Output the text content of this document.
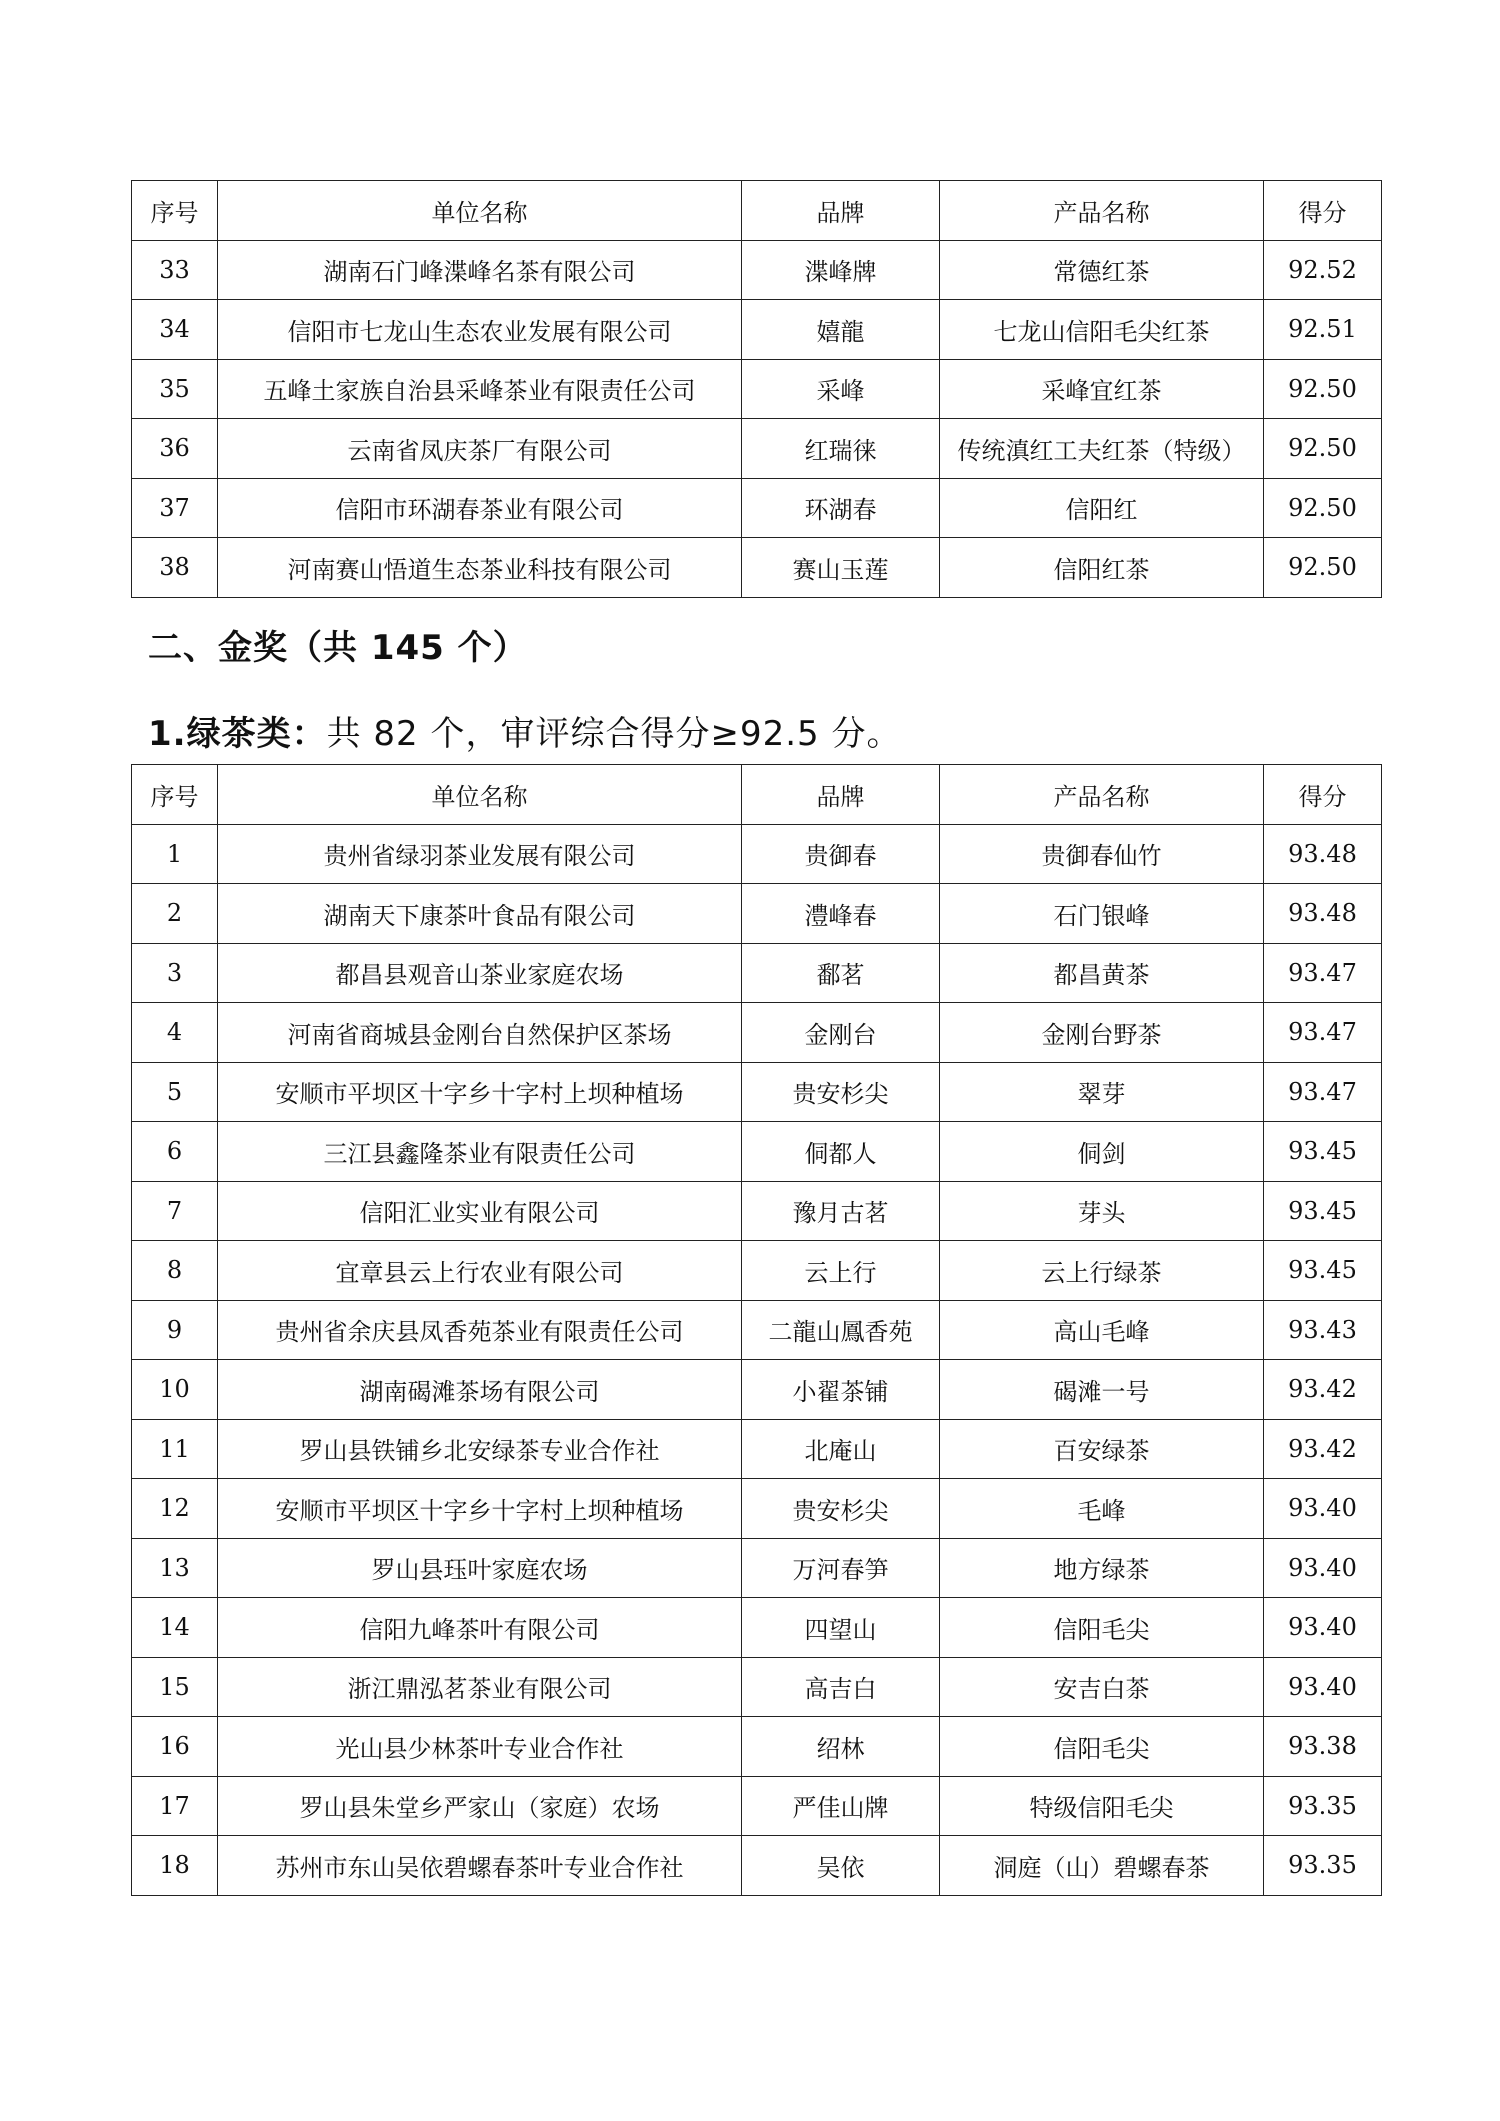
序号	单位名称	品牌	产品名称	得分
33	湖南石门峰渫峰名茶有限公司	渫峰牌	常德红茶	92.52
34	信阳市七龙山生态农业发展有限公司	嬉龍	七龙山信阳毛尖红茶	92.51
35	五峰土家族自治县采峰茶业有限责任公司	采峰	采峰宜红茶	92.50
36	云南省凤庆茶厂有限公司	红瑞徕	传统滇红工夫红茶（特级）	92.50
37	信阳市环湖春茶业有限公司	环湖春	信阳红	92.50
38	河南赛山悟道生态茶业科技有限公司	赛山玉莲	信阳红茶	92.50
二、金奖（共 145 个）
1.绿茶类：共 82 个，审评综合得分≥92.5 分。
序号	单位名称	品牌	产品名称	得分
1	贵州省绿羽茶业发展有限公司	贵御春	贵御春仙竹	93.48
2	湖南天下康茶叶食品有限公司	澧峰春	石门银峰	93.48
3	都昌县观音山茶业家庭农场	鄱茗	都昌黄茶	93.47
4	河南省商城县金刚台自然保护区茶场	金刚台	金刚台野茶	93.47
5	安顺市平坝区十字乡十字村上坝种植场	贵安杉尖	翠芽	93.47
6	三江县鑫隆茶业有限责任公司	侗都人	侗剑	93.45
7	信阳汇业实业有限公司	豫月古茗	芽头	93.45
8	宜章县云上行农业有限公司	云上行	云上行绿茶	93.45
9	贵州省余庆县凤香苑茶业有限责任公司	二龍山鳳香苑	高山毛峰	93.43
10	湖南碣滩茶场有限公司	小翟茶铺	碣滩一号	93.42
11	罗山县铁铺乡北安绿茶专业合作社	北庵山	百安绿茶	93.42
12	安顺市平坝区十字乡十字村上坝种植场	贵安杉尖	毛峰	93.40
13	罗山县珏叶家庭农场	万河春笋	地方绿茶	93.40
14	信阳九峰茶叶有限公司	四望山	信阳毛尖	93.40
15	浙江鼎泓茗茶业有限公司	高吉白	安吉白茶	93.40
16	光山县少林茶叶专业合作社	绍林	信阳毛尖	93.38
17	罗山县朱堂乡严家山（家庭）农场	严佳山牌	特级信阳毛尖	93.35
18	苏州市东山吴依碧螺春茶叶专业合作社	吴依	洞庭（山）碧螺春茶	93.35
